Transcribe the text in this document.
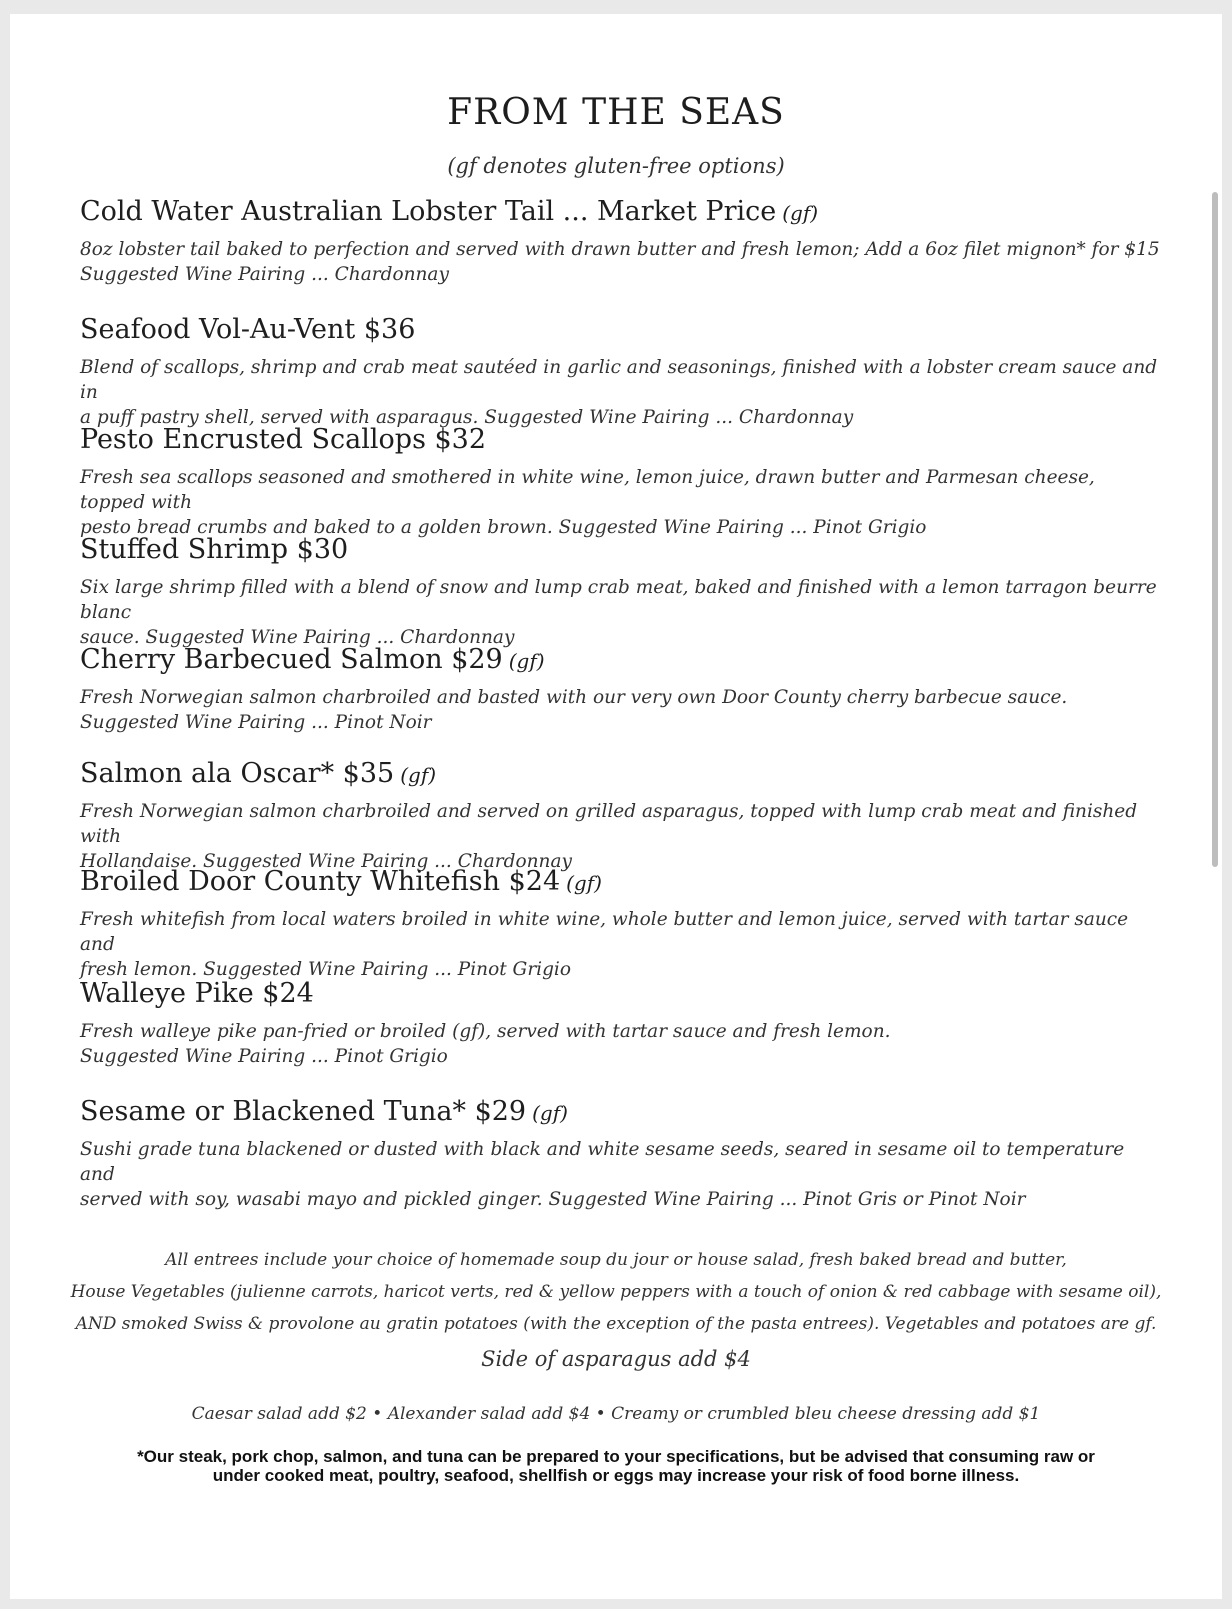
FROM THE SEAS
(gf denotes gluten-free options)
Cold Water Australian Lobster Tail ... Market Price (gf)
8oz lobster tail baked to perfection and served with drawn butter and fresh lemon; Add a 6oz filet mignon* for $15
Suggested Wine Pairing ... Chardonnay
Seafood Vol-Au-Vent $36
Blend of scallops, shrimp and crab meat sautéed in garlic and seasonings, finished with a lobster cream sauce and in
a puff pastry shell, served with asparagus. Suggested Wine Pairing ... Chardonnay
Pesto Encrusted Scallops $32
Fresh sea scallops seasoned and smothered in white wine, lemon juice, drawn butter and Parmesan cheese, topped with
pesto bread crumbs and baked to a golden brown. Suggested Wine Pairing ... Pinot Grigio
Stuffed Shrimp $30
Six large shrimp filled with a blend of snow and lump crab meat, baked and finished with a lemon tarragon beurre blanc
sauce. Suggested Wine Pairing ... Chardonnay
Cherry Barbecued Salmon $29 (gf)
Fresh Norwegian salmon charbroiled and basted with our very own Door County cherry barbecue sauce.
Suggested Wine Pairing ... Pinot Noir
Salmon ala Oscar* $35 (gf)
Fresh Norwegian salmon charbroiled and served on grilled asparagus, topped with lump crab meat and finished with
Hollandaise. Suggested Wine Pairing ... Chardonnay
Broiled Door County Whitefish $24 (gf)
Fresh whitefish from local waters broiled in white wine, whole butter and lemon juice, served with tartar sauce and
fresh lemon. Suggested Wine Pairing ... Pinot Grigio
Walleye Pike $24
Fresh walleye pike pan-fried or broiled (gf), served with tartar sauce and fresh lemon.
Suggested Wine Pairing ... Pinot Grigio
Sesame or Blackened Tuna* $29 (gf)
Sushi grade tuna blackened or dusted with black and white sesame seeds, seared in sesame oil to temperature and
served with soy, wasabi mayo and pickled ginger. Suggested Wine Pairing ... Pinot Gris or Pinot Noir
All entrees include your choice of homemade soup du jour or house salad, fresh baked bread and butter,
House Vegetables (julienne carrots, haricot verts, red & yellow peppers with a touch of onion & red cabbage with sesame oil),
AND smoked Swiss & provolone au gratin potatoes (with the exception of the pasta entrees). Vegetables and potatoes are gf.
Side of asparagus add $4
Caesar salad add $2 • Alexander salad add $4 • Creamy or crumbled bleu cheese dressing add $1
*Our steak, pork chop, salmon, and tuna can be prepared to your specifications, but be advised that consuming raw or
under cooked meat, poultry, seafood, shellfish or eggs may increase your risk of food borne illness.
